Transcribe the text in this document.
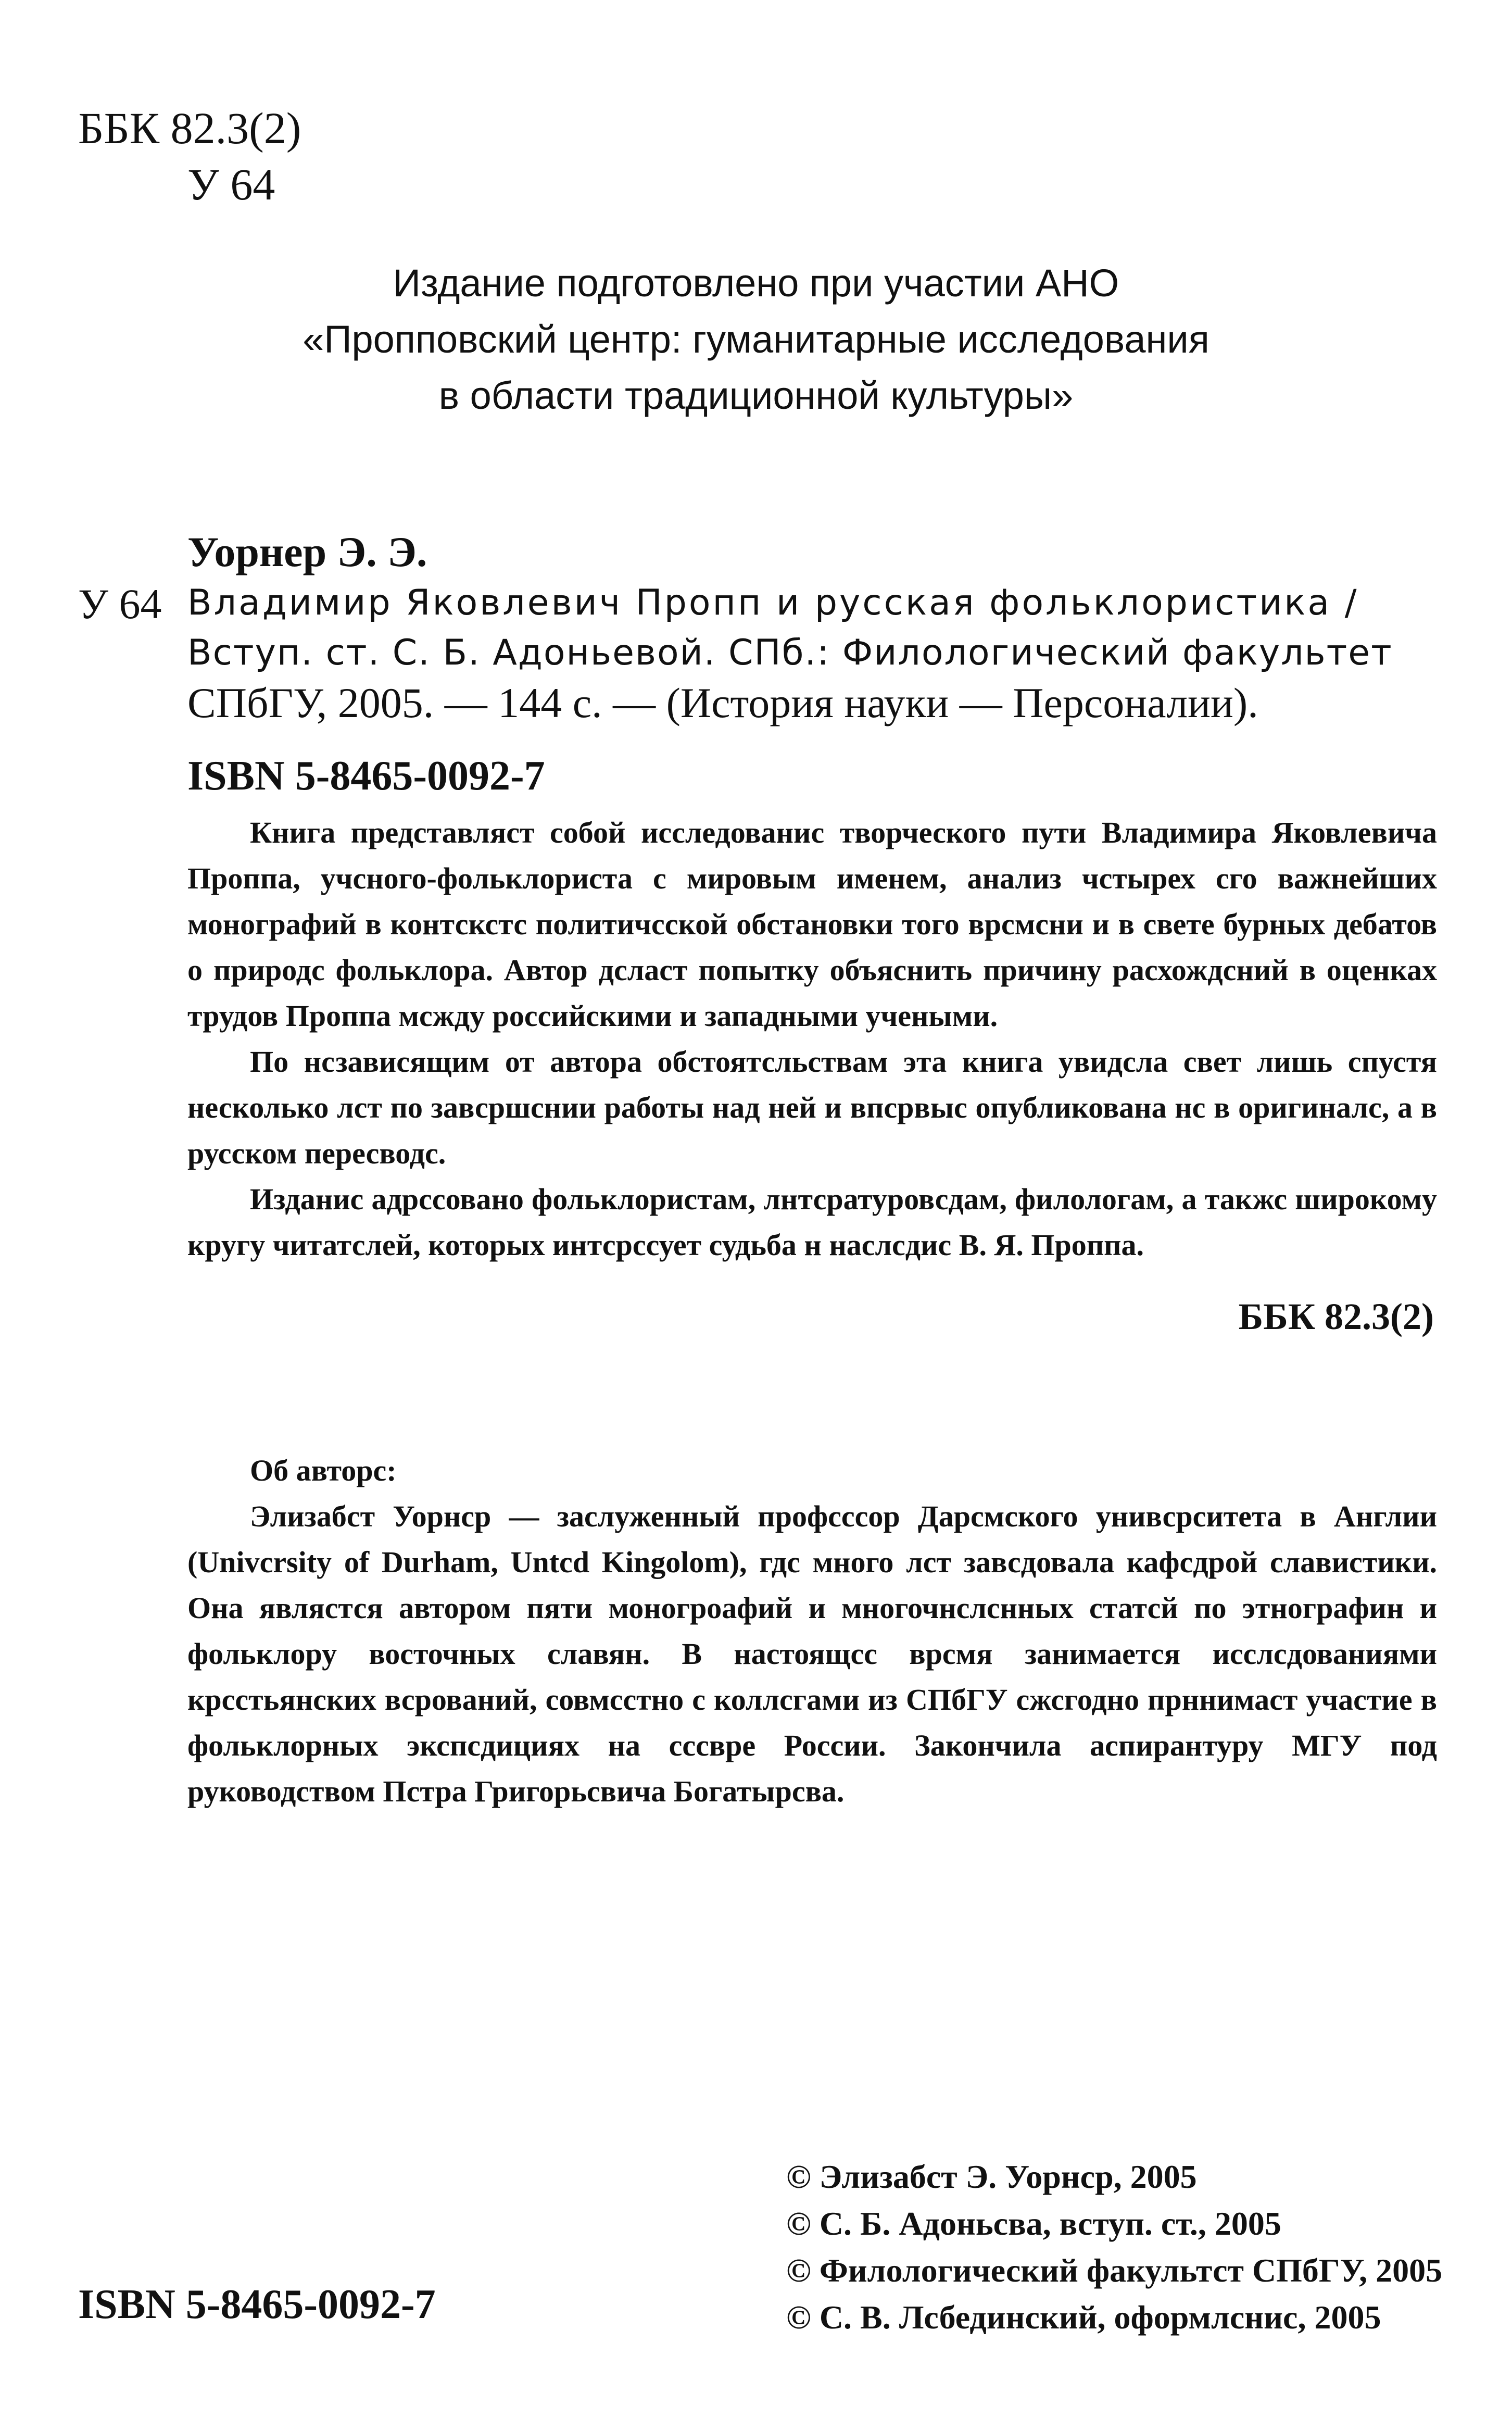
ББК 82.3(2)
У 64
Издание подготовлено при участии АНО
«Пропповский центр: гуманитарные исследования
в области традиционной культуры»
Уорнер Э. Э.
У 64 Владимир Яковлевич Пропп и русская фольклористика /
Вступ. ст. С. Б. Адоньевой. СПб.: Филологический факультет
СПбГУ, 2005. — 144 с. — (История науки — Персоналии).
ISBN 5-8465-0092-7

Книга представляст собой исследованис творческого пути Владимира Яковлевича Проппа, учсного-фольклориста с мировым именем, анализ чстырех сго важнейших монографий в контскстс политичсской обстановки того врсмсни и в свете бурных дебатов о природс фольклора. Автор дсласт попытку объяснить причину расхождсний в оценках трудов Проппа мсжду российскими и западными учеными.

По нсзависящим от автора обстоятсльствам эта книга увидсла свет лишь спустя несколько лст по завсршснии работы над ней и впсрвыс опубликована нс в оригиналс, а в русском пересводс.

Изданис адрссовано фольклористам, лнтсратуровсдам, филологам, а такжс широкому кругу читатслей, которых интсрссует судьба н наслсдис В. Я. Проппа.

ББК 82.3(2)

Об авторс:

Элизабст Уорнср — заслуженный профсссор Дарсмского унивсрситета в Англии (Univcrsity of Durham, Untcd Kingolom), гдс много лст завсдовала кафсдрой славистики. Она являстся автором пяти моногроафий и многочнслснных статсй по этнографин и фольклору восточных славян. В настоящсс врсмя занимается исслсдованиями крсстьянских всрований, совмсстно с коллсгами из СПбГУ сжсгодно прннимаст участие в фольклорных экспсдициях на сссвре России. Закончила аспирантуру МГУ под руководством Пстра Григорьсвича Богатырсва.

© Элизабст Э. Уорнср, 2005
© С. Б. Адоньсва, вступ. ст., 2005
© Филологический факультст СПбГУ, 2005
© С. В. Лсбединский, оформлснис, 2005
ISBN 5-8465-0092-7
